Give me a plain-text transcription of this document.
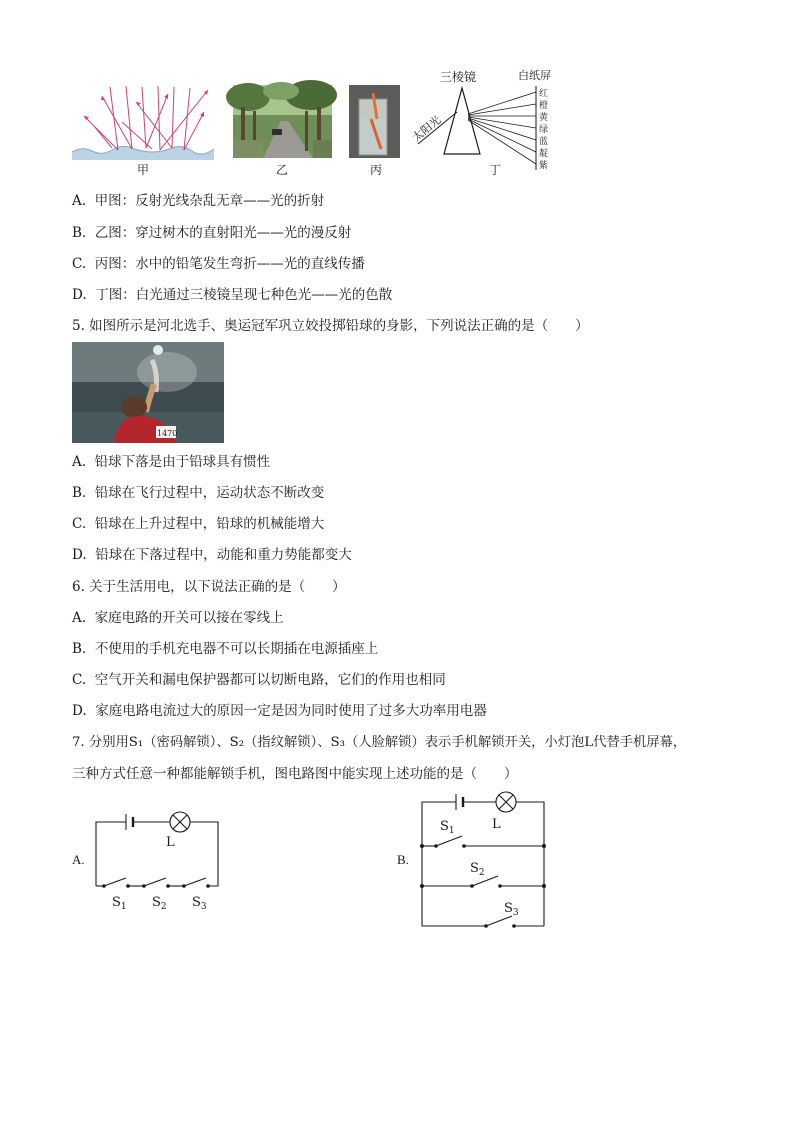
甲	乙	丙
三棱镜	白纸屏
太阳光
红
橙
黄
绿
蓝
靛
紫
丁
A. 甲图：反射光线杂乱无章——光的折射
B. 乙图：穿过树木的直射阳光——光的漫反射
C. 丙图：水中的铅笔发生弯折——光的直线传播
D. 丁图：白光通过三棱镜呈现七种色光——光的色散
5. 如图所示是河北选手、奥运冠军巩立姣投掷铅球的身影，下列说法正确的是（　　）
1470
A. 铅球下落是由于铅球具有惯性
B. 铅球在飞行过程中，运动状态不断改变
C. 铅球在上升过程中，铅球的机械能增大
D. 铅球在下落过程中，动能和重力势能都变大
6. 关于生活用电，以下说法正确的是（　　）
A. 家庭电路的开关可以接在零线上
B. 不使用的手机充电器不可以长期插在电源插座上
C. 空气开关和漏电保护器都可以切断电路，它们的作用也相同
D. 家庭电路电流过大的原因一定是因为同时使用了过多大功率用电器
7. 分别用S₁（密码解锁）、S₂（指纹解锁）、S₃（人脸解锁）表示手机解锁开关，小灯泡L代替手机屏幕，
三种方式任意一种都能解锁手机，图电路图中能实现上述功能的是（　　）
A.
L
$S_1$ $S_2$ $S_3$
B.
L
$S_1$
$S_2$
$S_3$
